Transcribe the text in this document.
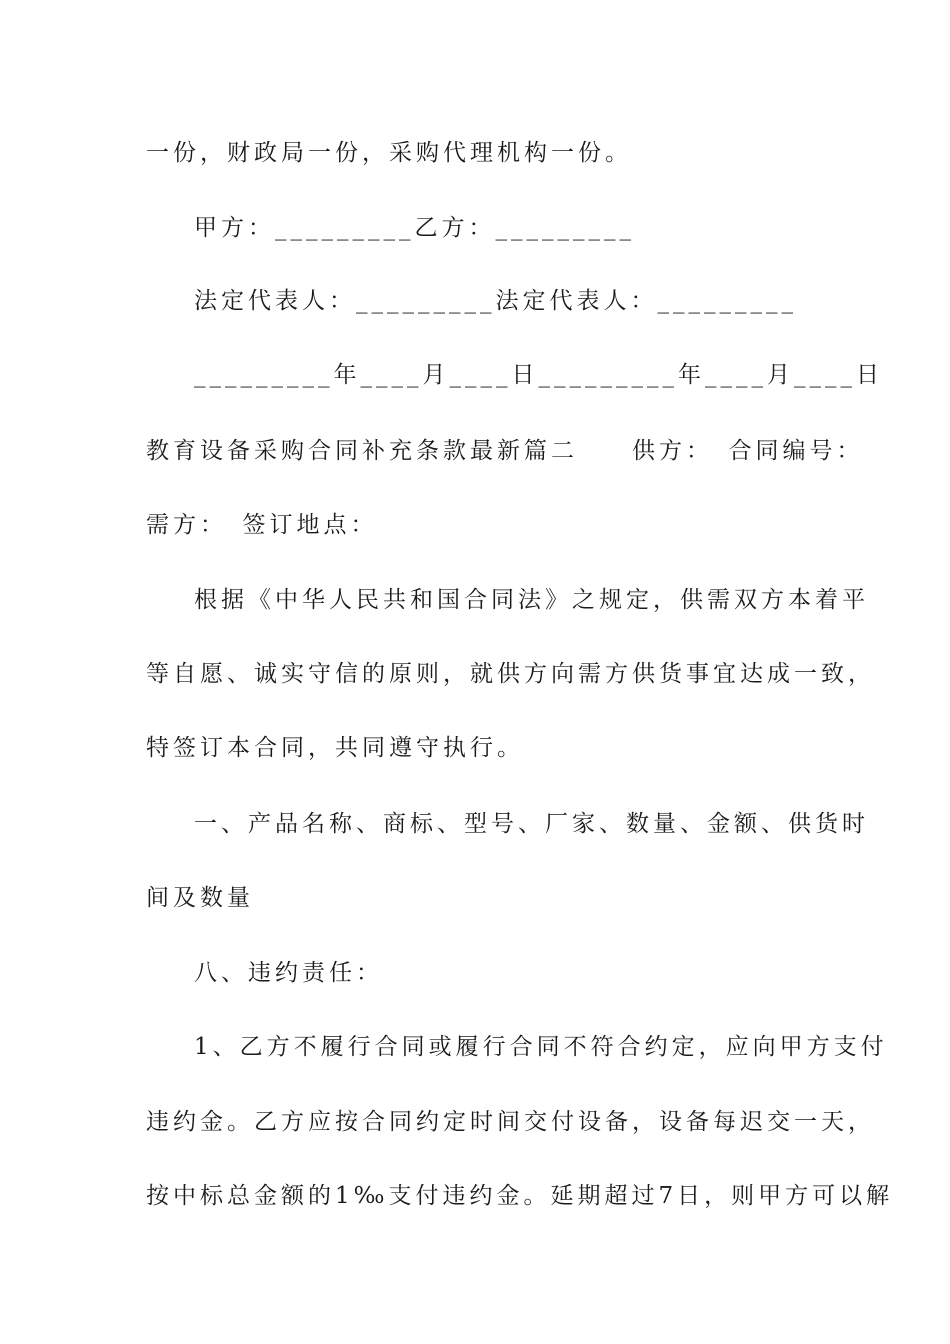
一份，财政局一份，采购代理机构一份。
甲方：_________乙方：_________
法定代表人：_________法定代表人：_________
_________年____月____日_________年____月____日
教育设备采购合同补充条款最新篇二　　供方：　合同编号：
需方：　签订地点：
根据《中华人民共和国合同法》之规定，供需双方本着平
等自愿、诚实守信的原则，就供方向需方供货事宜达成一致，
特签订本合同，共同遵守执行。
一、产品名称、商标、型号、厂家、数量、金额、供货时
间及数量
八、违约责任：
1、乙方不履行合同或履行合同不符合约定，应向甲方支付
违约金。乙方应按合同约定时间交付设备，设备每迟交一天，
按中标总金额的1‰支付违约金。延期超过7日，则甲方可以解
